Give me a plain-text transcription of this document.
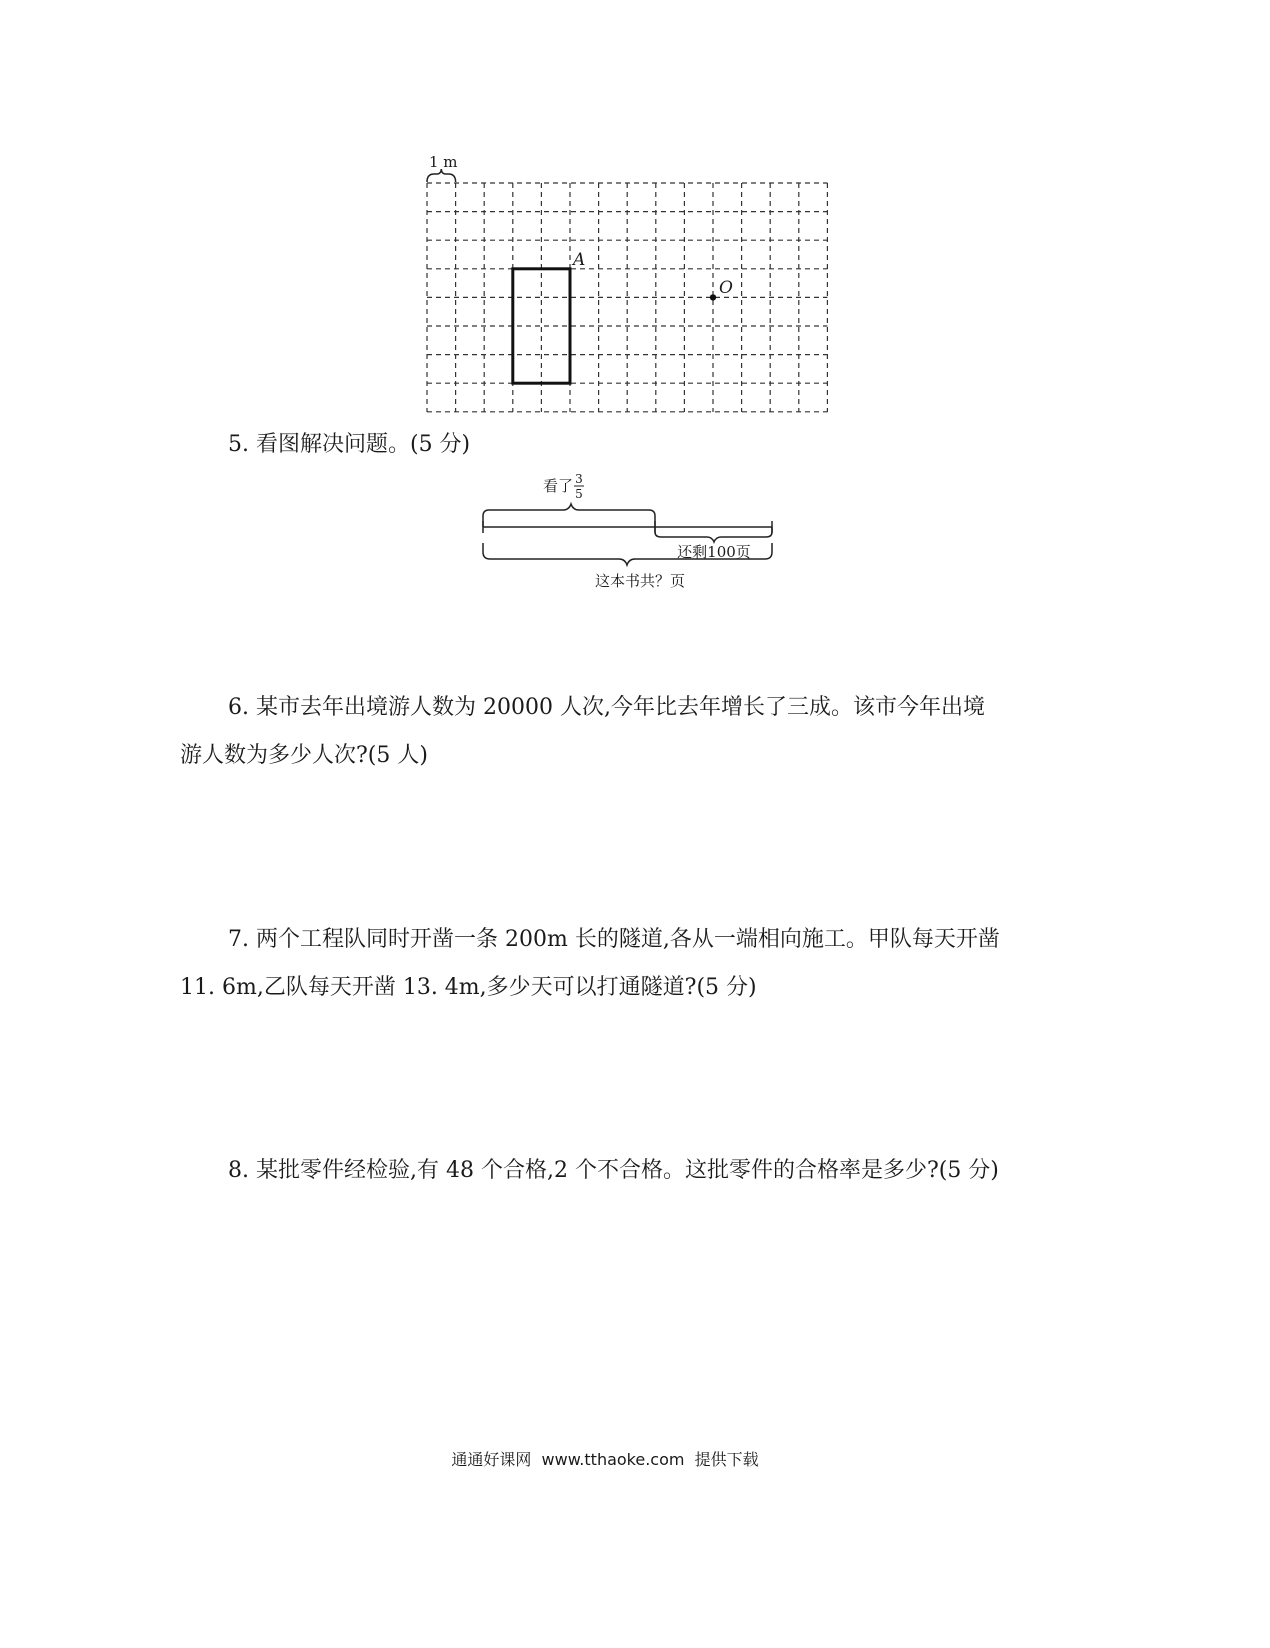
1 m
A
O
5. 看图解决问题。(5 分)
看了 3
5
还剩100页
这本书共？页
6. 某市去年出境游人数为 20000 人次,今年比去年增长了三成。该市今年出境
游人数为多少人次?(5 人)
7. 两个工程队同时开凿一条 200m 长的隧道,各从一端相向施工。甲队每天开凿
11. 6m,乙队每天开凿 13. 4m,多少天可以打通隧道?(5 分)
8. 某批零件经检验,有 48 个合格,2 个不合格。这批零件的合格率是多少?(5 分)
通通好课网  www.tthaoke.com  提供下载
